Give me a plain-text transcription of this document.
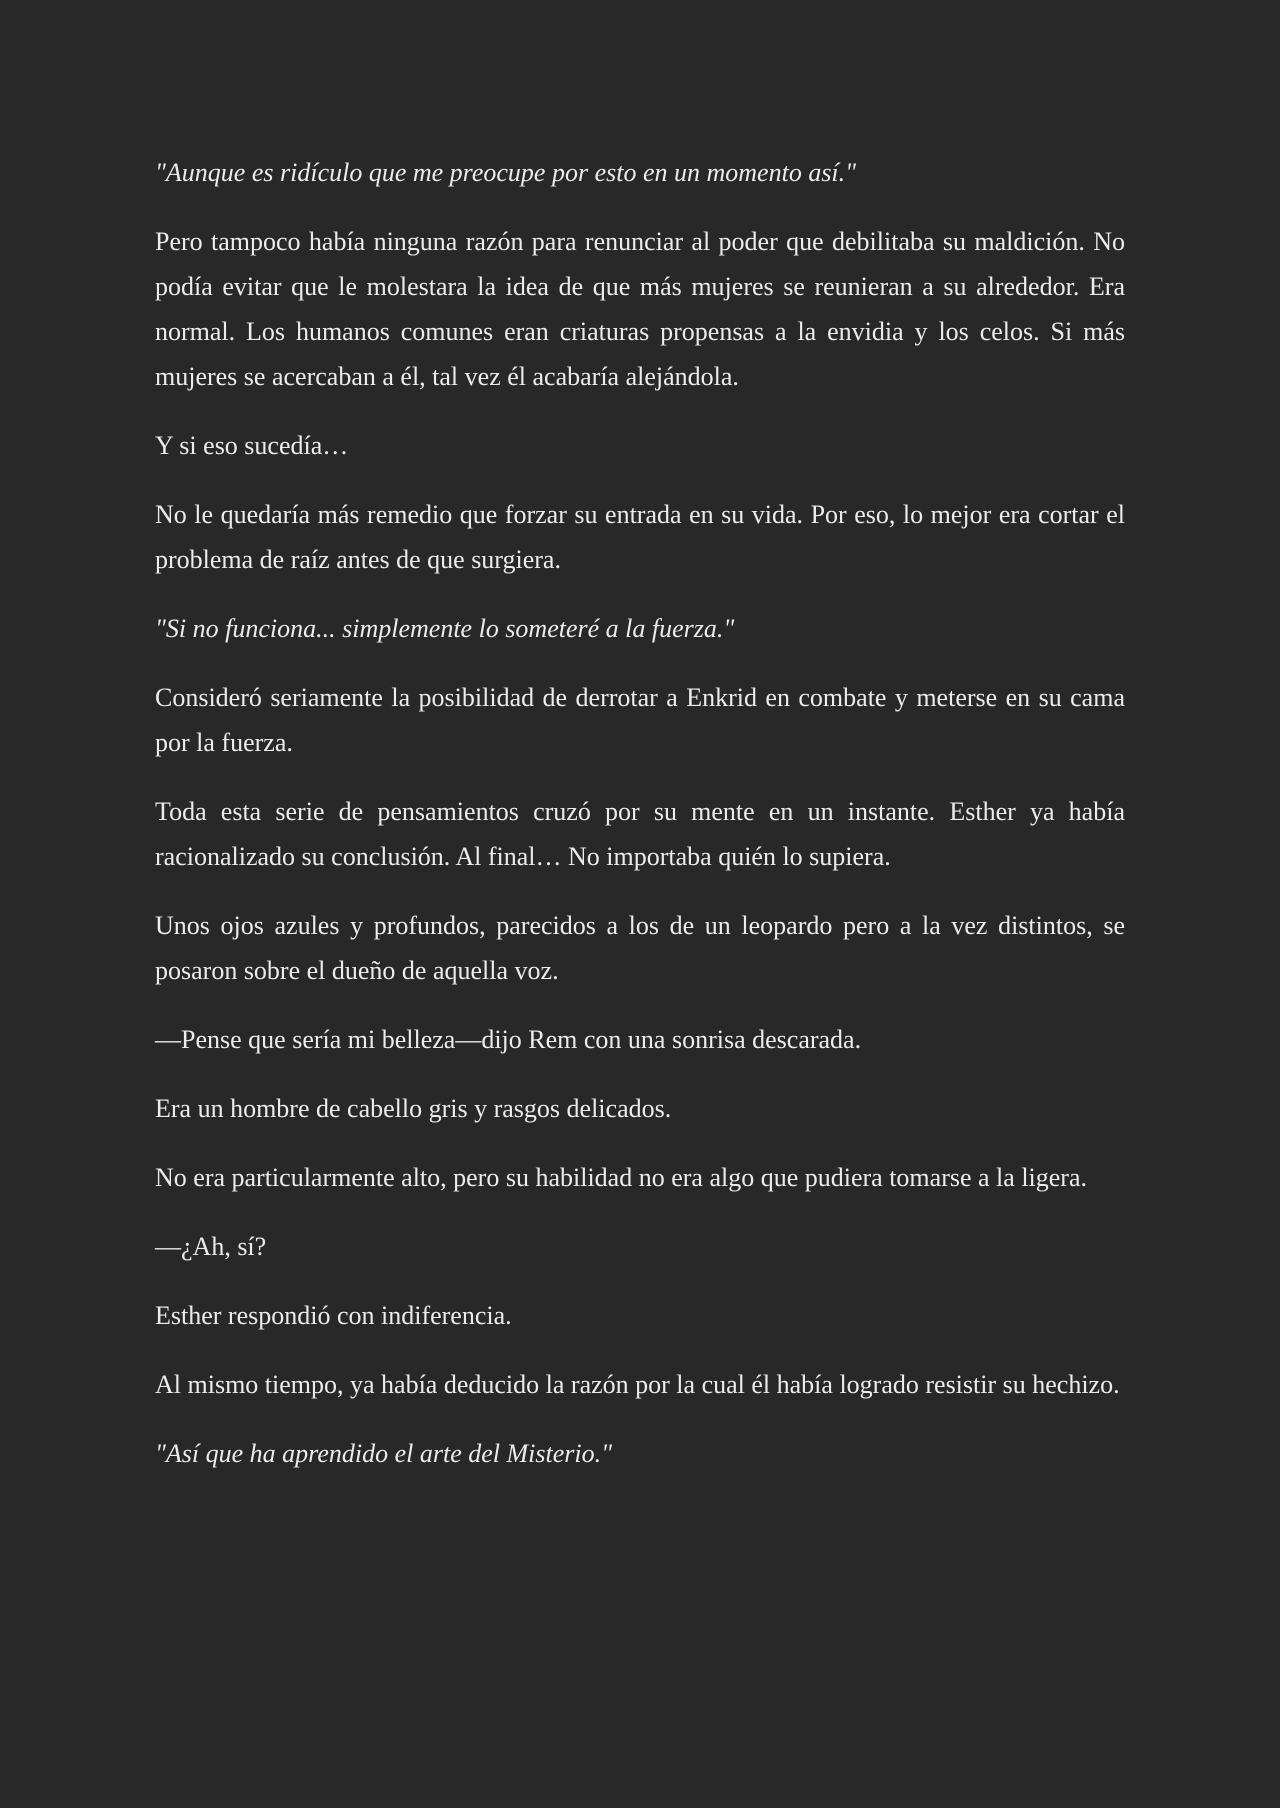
"Aunque es ridículo que me preocupe por esto en un momento así."

Pero tampoco había ninguna razón para renunciar al poder que debilitaba su maldición. No podía evitar que le molestara la idea de que más mujeres se reunieran a su alrededor. Era normal. Los humanos comunes eran criaturas propensas a la envidia y los celos. Si más mujeres se acercaban a él, tal vez él acabaría alejándola.

Y si eso sucedía…

No le quedaría más remedio que forzar su entrada en su vida. Por eso, lo mejor era cortar el problema de raíz antes de que surgiera.

"Si no funciona... simplemente lo someteré a la fuerza."

Consideró seriamente la posibilidad de derrotar a Enkrid en combate y meterse en su cama por la fuerza.

Toda esta serie de pensamientos cruzó por su mente en un instante. Esther ya había racionalizado su conclusión. Al final… No importaba quién lo supiera.

Unos ojos azules y profundos, parecidos a los de un leopardo pero a la vez distintos, se posaron sobre el dueño de aquella voz.

—Pense que sería mi belleza—dijo Rem con una sonrisa descarada.

Era un hombre de cabello gris y rasgos delicados.

No era particularmente alto, pero su habilidad no era algo que pudiera tomarse a la ligera.

—¿Ah, sí?

Esther respondió con indiferencia.

Al mismo tiempo, ya había deducido la razón por la cual él había logrado resistir su hechizo.

"Así que ha aprendido el arte del Misterio."
